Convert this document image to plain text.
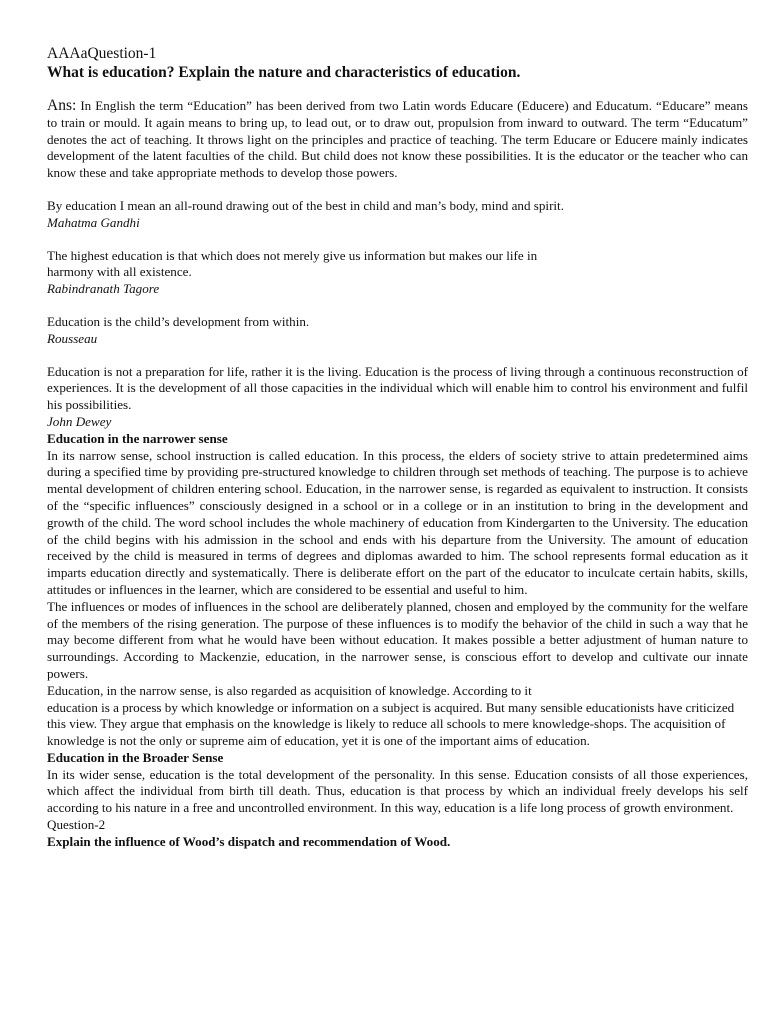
AAAaQuestion-1

What is education? Explain the nature and characteristics of education.

Ans: In English the term “Education” has been derived from two Latin words Educare (Educere) and Educatum. “Educare” means to train or mould. It again means to bring up, to lead out, or to draw out, propulsion from inward to outward. The term “Educatum” denotes the act of teaching. It throws light on the principles and practice of teaching. The term Educare or Educere mainly indicates development of the latent faculties of the child. But child does not know these possibilities. It is the educator or the teacher who can know these and take appropriate methods to develop those powers.

By education I mean an all-round drawing out of the best in child and man’s body, mind and spirit.

Mahatma Gandhi

The highest education is that which does not merely give us information but makes our life in
harmony with all existence.

Rabindranath Tagore

Education is the child’s development from within.

Rousseau

Education is not a preparation for life, rather it is the living. Education is the process of living through a continuous reconstruction of experiences. It is the development of all those capacities in the individual which will enable him to control his environment and fulfil his possibilities.

John Dewey

Education in the narrower sense

In its narrow sense, school instruction is called education. In this process, the elders of society strive to attain predetermined aims during a specified time by providing pre-structured knowledge to children through set methods of teaching. The purpose is to achieve mental development of children entering school. Education, in the narrower sense, is regarded as equivalent to instruction. It consists of the “specific influences” consciously designed in a school or in a college or in an institution to bring in the development and growth of the child. The word school includes the whole machinery of education from Kindergarten to the University. The education of the child begins with his admission in the school and ends with his departure from the University. The amount of education received by the child is measured in terms of degrees and diplomas awarded to him. The school represents formal education as it imparts education directly and systematically. There is deliberate effort on the part of the educator to inculcate certain habits, skills, attitudes or influences in the learner, which are considered to be essential and useful to him.

The influences or modes of influences in the school are deliberately planned, chosen and employed by the community for the welfare of the members of the rising generation. The purpose of these influences is to modify the behavior of the child in such a way that he may become different from what he would have been without education. It makes possible a better adjustment of human nature to surroundings. According to Mackenzie, education, in the narrower sense, is conscious effort to develop and cultivate our innate powers.

Education, in the narrow sense, is also regarded as acquisition of knowledge. According to it

education is a process by which knowledge or information on a subject is acquired. But many sensible educationists have criticized this view. They argue that emphasis on the knowledge is likely to reduce all schools to mere knowledge-shops. The acquisition of knowledge is not the only or supreme aim of education, yet it is one of the important aims of education.

Education in the Broader Sense

In its wider sense, education is the total development of the personality. In this sense. Education consists of all those experiences, which affect the individual from birth till death. Thus, education is that process by which an individual freely develops his self according to his nature in a free and uncontrolled environment. In this way, education is a life long process of growth environment.

Question-2

Explain the influence of Wood’s dispatch and recommendation of Wood.
